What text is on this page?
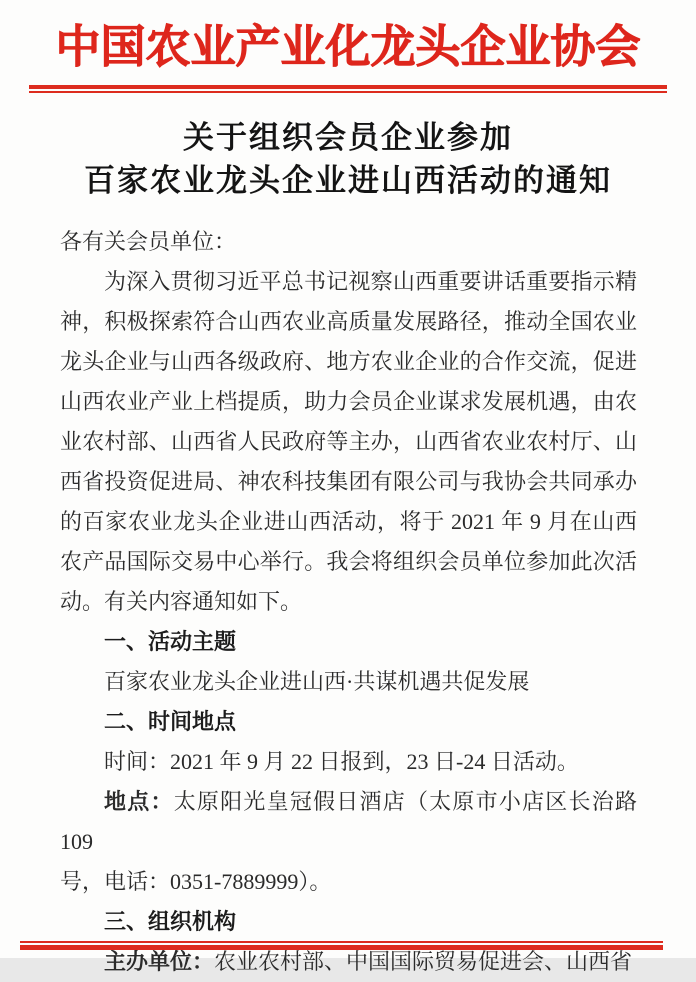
中国农业产业化龙头企业协会
关于组织会员企业参加
百家农业龙头企业进山西活动的通知

各有关会员单位：

为深入贯彻习近平总书记视察山西重要讲话重要指示精神，积极探索符合山西农业高质量发展路径，推动全国农业龙头企业与山西各级政府、地方农业企业的合作交流，促进山西农业产业上档提质，助力会员企业谋求发展机遇，由农业农村部、山西省人民政府等主办，山西省农业农村厅、山西省投资促进局、神农科技集团有限公司与我协会共同承办的百家农业龙头企业进山西活动，将于 2021 年 9 月在山西农产品国际交易中心举行。我会将组织会员单位参加此次活动。有关内容通知如下。

一、活动主题

百家农业龙头企业进山西·共谋机遇共促发展

二、时间地点

时间：2021 年 9 月 22 日报到，23 日-24 日活动。

地点：太原阳光皇冠假日酒店（太原市小店区长治路 109
号，电话：0351-7889999）。
三、组织机构

主办单位：农业农村部、中国国际贸易促进会、山西省
